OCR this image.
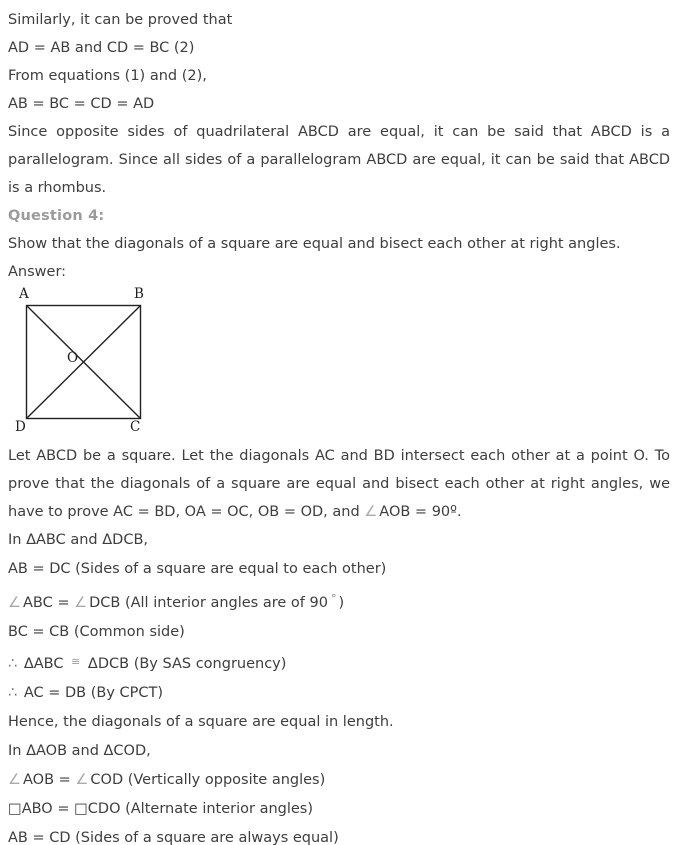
Similarly, it can be proved that
AD = AB and CD = BC (2)
From equations (1) and (2),
AB = BC = CD = AD

Since opposite sides of quadrilateral ABCD are equal, it can be said that ABCD is a parallelogram. Since all sides of a parallelogram ABCD are equal, it can be said that ABCD is a rhombus.

Question 4:
Show that the diagonals of a square are equal and bisect each other at right angles.
Answer:
A	B
C
D
O

Let ABCD be a square. Let the diagonals AC and BD intersect each other at a point O. To prove that the diagonals of a square are equal and bisect each other at right angles, we have to prove AC = BD, OA = OC, OB = OD, and ∠ AOB = 90º.

In ΔABC and ΔDCB,
AB = DC (Sides of a square are equal to each other)
∠ ABC = ∠ DCB (All interior angles are of 90 ° )
BC = CB (Common side)
∴ ΔABC ≅ ΔDCB (By SAS congruency)
∴ AC = DB (By CPCT)
Hence, the diagonals of a square are equal in length.
In ΔAOB and ΔCOD,
∠ AOB = ∠ COD (Vertically opposite angles)
□ABO = □CDO (Alternate interior angles)
AB = CD (Sides of a square are always equal)
